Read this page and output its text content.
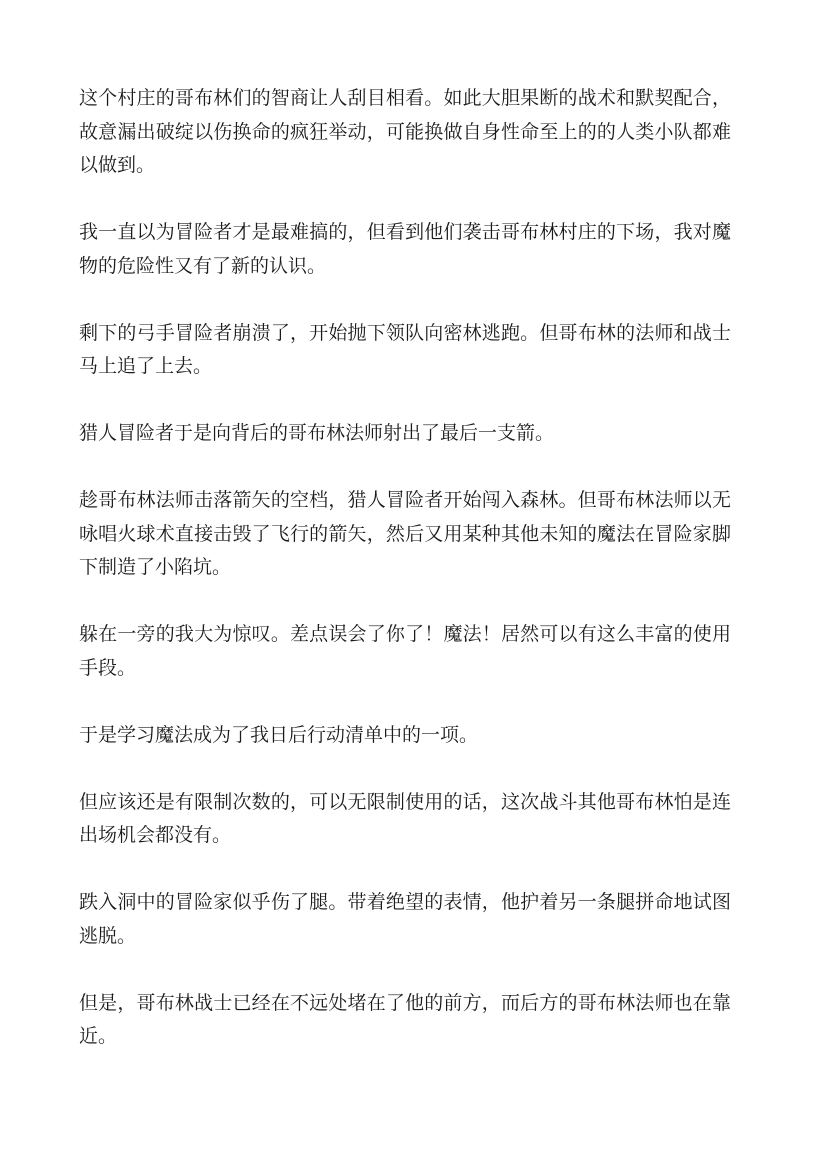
这个村庄的哥布林们的智商让人刮目相看。如此大胆果断的战术和默契配合，故意漏出破绽以伤换命的疯狂举动，可能换做自身性命至上的的人类小队都难以做到。

我一直以为冒险者才是最难搞的，但看到他们袭击哥布林村庄的下场，我对魔物的危险性又有了新的认识。

剩下的弓手冒险者崩溃了，开始抛下领队向密林逃跑。但哥布林的法师和战士马上追了上去。

猎人冒险者于是向背后的哥布林法师射出了最后一支箭。

趁哥布林法师击落箭矢的空档，猎人冒险者开始闯入森林。但哥布林法师以无咏唱火球术直接击毁了飞行的箭矢，然后又用某种其他未知的魔法在冒险家脚下制造了小陷坑。

躲在一旁的我大为惊叹。差点误会了你了！魔法！居然可以有这么丰富的使用手段。

于是学习魔法成为了我日后行动清单中的一项。

但应该还是有限制次数的，可以无限制使用的话，这次战斗其他哥布林怕是连出场机会都没有。

跌入洞中的冒险家似乎伤了腿。带着绝望的表情，他护着另一条腿拼命地试图逃脱。

但是，哥布林战士已经在不远处堵在了他的前方，而后方的哥布林法师也在靠近。
